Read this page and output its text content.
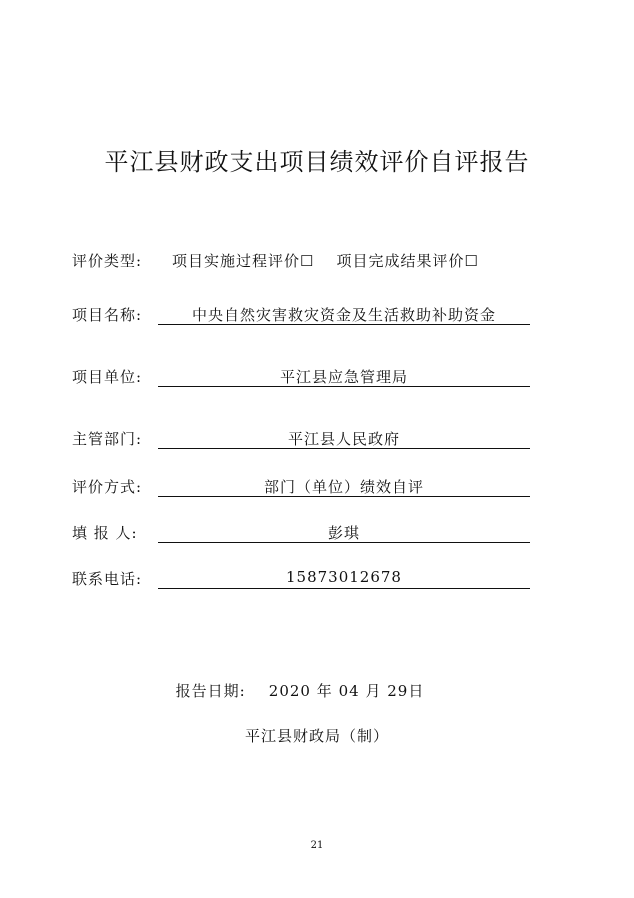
平江县财政支出项目绩效评价自评报告
评价类型: 项目实施过程评价☐ 项目完成结果评价☐
项目名称:	中央自然灾害救灾资金及生活救助补助资金
项目单位:	平江县应急管理局
主管部门:	平江县人民政府
评价方式:	部门（单位）绩效自评
填 报 人:	彭琪
联系电话:	15873012678
报告日期: 2020 年 04 月 29日
平江县财政局（制）
21
